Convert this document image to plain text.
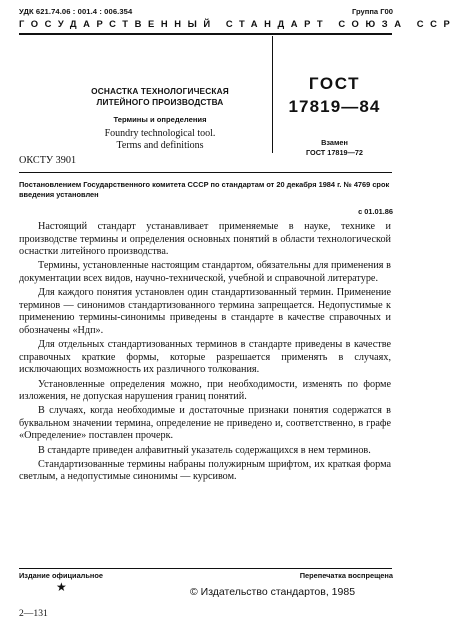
УДК 621.74.06 : 001.4 : 006.354	Группа Г00
ГОСУДАРСТВЕННЫЙ СТАНДАРТ СОЮЗА ССР
ОСНАСТКА ТЕХНОЛОГИЧЕСКАЯ
ЛИТЕЙНОГО ПРОИЗВОДСТВА
Термины и определения
Foundry technological tool.
Terms and definitions
ГОСТ
17819—84
Взамен
ГОСТ 17819—72
ОКСТУ 3901
Постановлением Государственного комитета СССР по стандартам от 20 декабря 1984 г. № 4769 срок введения установлен
с 01.01.86

Настоящий стандарт устанавливает применяемые в науке, технике и производстве термины и определения основных понятий в области технологической оснастки литейного производства.

Термины, установленные настоящим стандартом, обязательны для применения в документации всех видов, научно-технической, учебной и справочной литературе.

Для каждого понятия установлен один стандартизованный термин. Применение терминов — синонимов стандартизованного термина запрещается. Недопустимые к применению термины-синонимы приведены в стандарте в качестве справочных и обозначены «Ндп».

Для отдельных стандартизованных терминов в стандарте приведены в качестве справочных краткие формы, которые разрешается применять в случаях, исключающих возможность их различного толкования.

Установленные определения можно, при необходимости, изменять по форме изложения, не допуская нарушения границ понятий.

В случаях, когда необходимые и достаточные признаки понятия содержатся в буквальном значении термина, определение не приведено и, соответственно, в графе «Определение» поставлен прочерк.

В стандарте приведен алфавитный указатель содержащихся в нем терминов.

Стандартизованные термины набраны полужирным шрифтом, их краткая форма светлым, а недопустимые синонимы — курсивом.

Издание официальное	Перепечатка воспрещена
★	© Издательство стандартов, 1985
2—131
